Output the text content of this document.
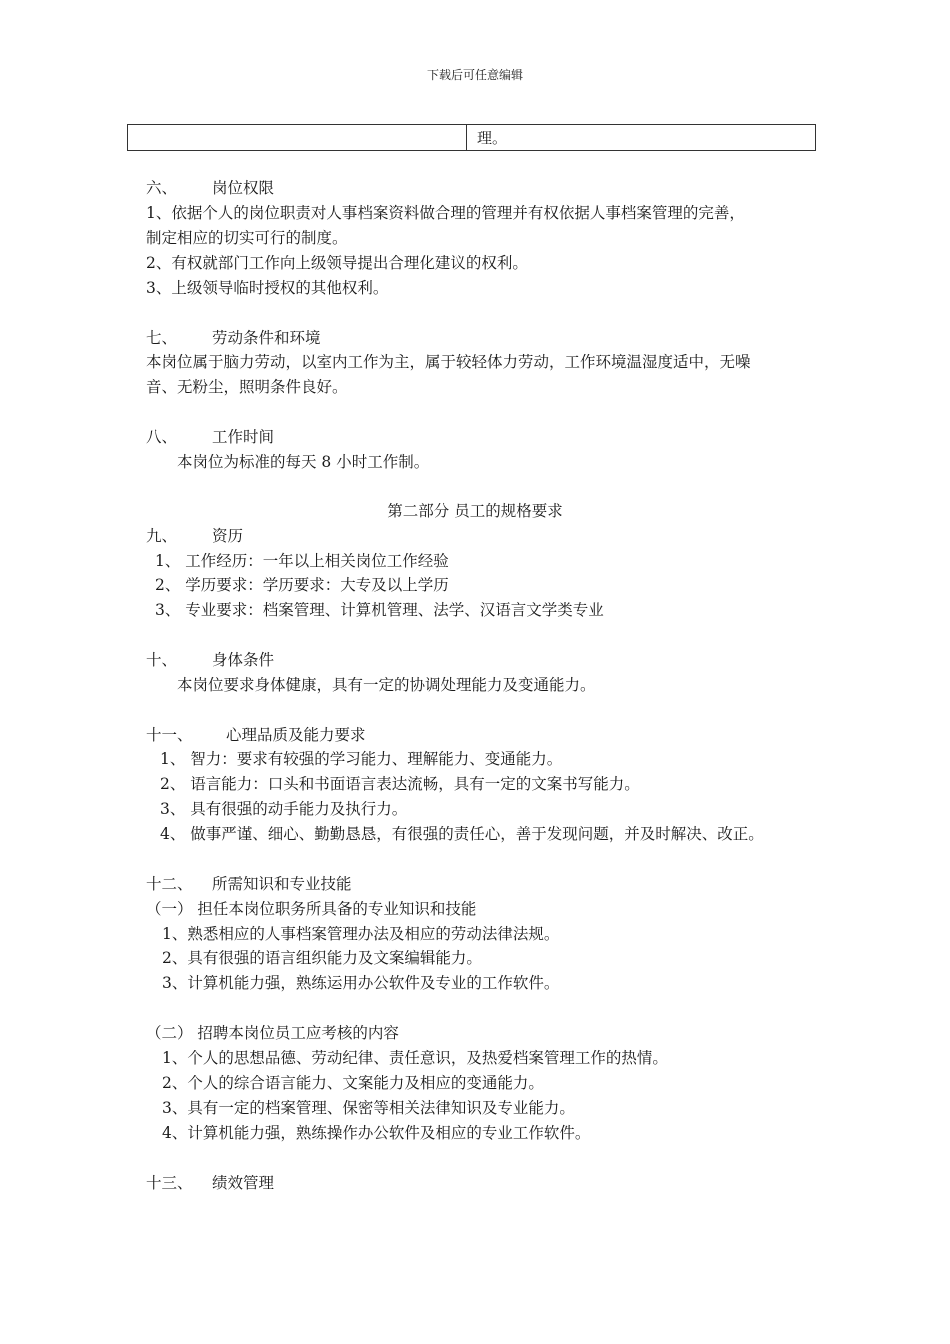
下载后可任意编辑
	理。
六、 岗位权限
1、依据个人的岗位职责对人事档案资料做合理的管理并有权依据人事档案管理的完善，
制定相应的切实可行的制度。
2、有权就部门工作向上级领导提出合理化建议的权利。
3、上级领导临时授权的其他权利。
七、 劳动条件和环境
本岗位属于脑力劳动，以室内工作为主，属于较轻体力劳动，工作环境温湿度适中，无噪
音、无粉尘，照明条件良好。
八、 工作时间
本岗位为标准的每天 8 小时工作制。
第二部分 员工的规格要求
九、 资历
1、 工作经历：一年以上相关岗位工作经验
2、 学历要求：学历要求：大专及以上学历
3、 专业要求：档案管理、计算机管理、法学、汉语言文学类专业
十、 身体条件
本岗位要求身体健康，具有一定的协调处理能力及变通能力。
十一、 心理品质及能力要求
1、 智力：要求有较强的学习能力、理解能力、变通能力。
2、 语言能力：口头和书面语言表达流畅，具有一定的文案书写能力。
3、 具有很强的动手能力及执行力。
4、 做事严谨、细心、勤勤恳恳，有很强的责任心，善于发现问题，并及时解决、改正。
十二、 所需知识和专业技能
（一） 担任本岗位职务所具备的专业知识和技能
1、熟悉相应的人事档案管理办法及相应的劳动法律法规。
2、具有很强的语言组织能力及文案编辑能力。
3、计算机能力强，熟练运用办公软件及专业的工作软件。
（二） 招聘本岗位员工应考核的内容
1、个人的思想品德、劳动纪律、责任意识，及热爱档案管理工作的热情。
2、个人的综合语言能力、文案能力及相应的变通能力。
3、具有一定的档案管理、保密等相关法律知识及专业能力。
4、计算机能力强，熟练操作办公软件及相应的专业工作软件。
十三、 绩效管理
